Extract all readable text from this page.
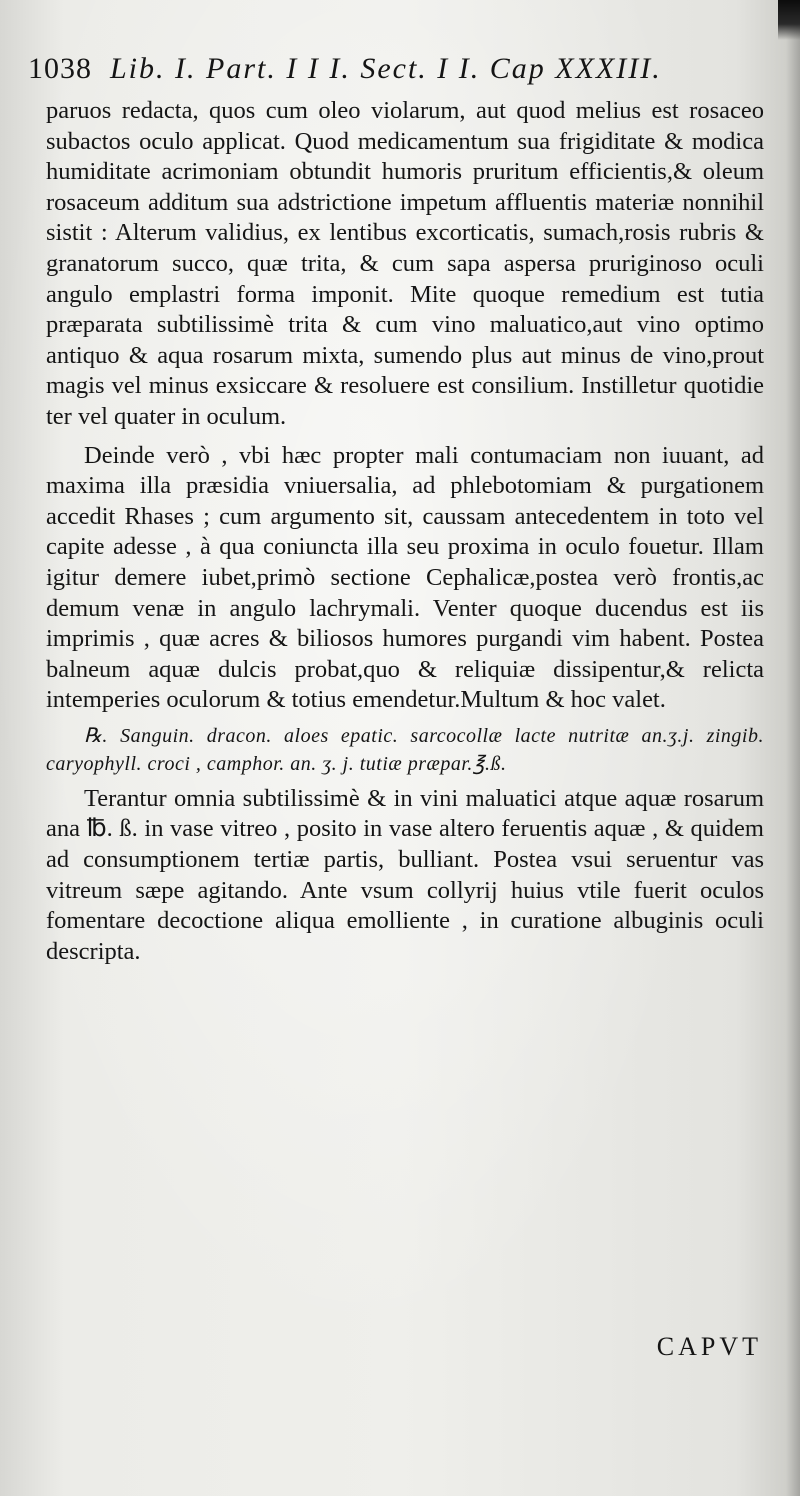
1038 Lib. I. Part. I I I. Sect. I I. Cap XXXIII.

paruos redacta, quos cum oleo violarum, aut quod melius est rosaceo subactos oculo applicat. Quod medicamentum sua frigiditate & modica humiditate acrimoniam obtundit humoris pruritum efficientis,& oleum rosaceum additum sua adstrictione impetum affluentis materiæ nonnihil sistit : Alterum validius, ex lentibus excorticatis, sumach,rosis rubris & granatorum succo, quæ trita, & cum sapa aspersa pruriginoso oculi angulo emplastri forma imponit. Mite quoque remedium est tutia præparata subtilissimè trita & cum vino maluatico,aut vino optimo antiquo & aqua rosarum mixta, sumendo plus aut minus de vino,prout magis vel minus exsiccare & resoluere est consilium. Instilletur quotidie ter vel quater in oculum.

Deinde verò , vbi hæc propter mali contumaciam non iuuant, ad maxima illa præsidia vniuersalia, ad phlebotomiam & purgationem accedit Rhases ; cum argumento sit, caussam antecedentem in toto vel capite adesse , à qua coniuncta illa seu proxima in oculo fouetur. Illam igitur demere iubet,primò sectione Cephalicæ,postea verò frontis,ac demum venæ in angulo lachrymali. Venter quoque ducendus est iis imprimis , quæ acres & biliosos humores purgandi vim habent. Postea balneum aquæ dulcis probat,quo & reliquiæ dissipentur,& relicta intemperies oculorum & totius emendetur.Multum & hoc valet.

℞. Sanguin. dracon. aloes epatic. sarcocollæ lacte nutritæ an.ʒ.j. zingib. caryophyll. croci , camphor. an. ʒ. j. tutiæ præpar.℥.ß.

Terantur omnia subtilissimè & in vini maluatici atque aquæ rosarum ana ℔. ß. in vase vitreo , posito in vase altero feruentis aquæ , & quidem ad consumptionem tertiæ partis, bulliant. Postea vsui seruentur vas vitreum sæpe agitando. Ante vsum collyrij huius vtile fuerit oculos fomentare decoctione aliqua emolliente , in curatione albuginis oculi descripta.

CAPVT
